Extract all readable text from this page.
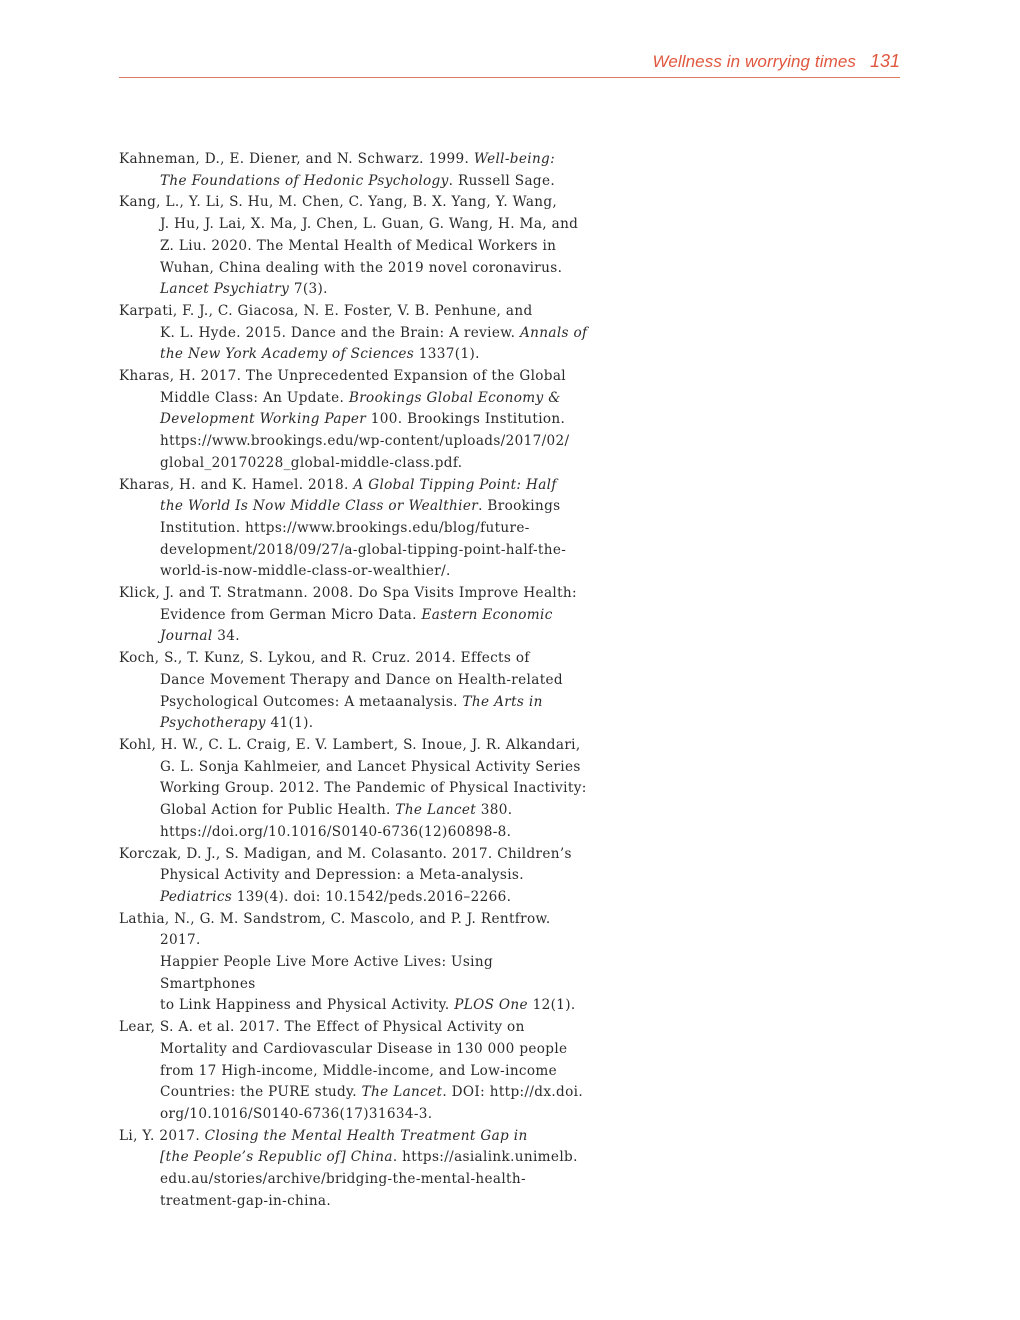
Wellness in worrying times 131
Kahneman, D., E. Diener, and N. Schwarz. 1999. Well-being:
The Foundations of Hedonic Psychology. Russell Sage.
Kang, L., Y. Li, S. Hu, M. Chen, C. Yang, B. X. Yang, Y. Wang,
J. Hu, J. Lai, X. Ma, J. Chen, L. Guan, G. Wang, H. Ma, and
Z. Liu. 2020. The Mental Health of Medical Workers in
Wuhan, China dealing with the 2019 novel coronavirus.
Lancet Psychiatry 7(3).
Karpati, F. J., C. Giacosa, N. E. Foster, V. B. Penhune, and
K. L. Hyde. 2015. Dance and the Brain: A review. Annals of
the New York Academy of Sciences 1337(1).
Kharas, H. 2017. The Unprecedented Expansion of the Global
Middle Class: An Update. Brookings Global Economy &
Development Working Paper 100. Brookings Institution.
https://www.brookings.edu/wp-content/uploads/2017/02/
global_20170228_global-middle-class.pdf.
Kharas, H. and K. Hamel. 2018. A Global Tipping Point: Half
the World Is Now Middle Class or Wealthier. Brookings
Institution. https://www.brookings.edu/blog/future-
development/2018/09/27/a-global-tipping-point-half-the-
world-is-now-middle-class-or-wealthier/.
Klick, J. and T. Stratmann. 2008. Do Spa Visits Improve Health:
Evidence from German Micro Data. Eastern Economic
Journal 34.
Koch, S., T. Kunz, S. Lykou, and R. Cruz. 2014. Effects of
Dance Movement Therapy and Dance on Health-related
Psychological Outcomes: A metaanalysis. The Arts in
Psychotherapy 41(1).
Kohl, H. W., C. L. Craig, E. V. Lambert, S. Inoue, J. R. Alkandari,
G. L. Sonja Kahlmeier, and Lancet Physical Activity Series
Working Group. 2012. The Pandemic of Physical Inactivity:
Global Action for Public Health. The Lancet 380.
https://doi.org/10.1016/S0140-6736(12)60898-8.
Korczak, D. J., S. Madigan, and M. Colasanto. 2017. Children’s
Physical Activity and Depression: a Meta-analysis.
Pediatrics 139(4). doi: 10.1542/peds.2016–2266.
Lathia, N., G. M. Sandstrom, C. Mascolo, and P. J. Rentfrow. 2017.
Happier People Live More Active Lives: Using Smartphones
to Link Happiness and Physical Activity. PLOS One 12(1).
Lear, S. A. et al. 2017. The Effect of Physical Activity on
Mortality and Cardiovascular Disease in 130 000 people
from 17 High-income, Middle-income, and Low-income
Countries: the PURE study. The Lancet. DOI: http://dx.doi.
org/10.1016/S0140-6736(17)31634-3.
Li, Y. 2017. Closing the Mental Health Treatment Gap in
[the People’s Republic of] China. https://asialink.unimelb.
edu.au/stories/archive/bridging-the-mental-health-
treatment-gap-in-china.
